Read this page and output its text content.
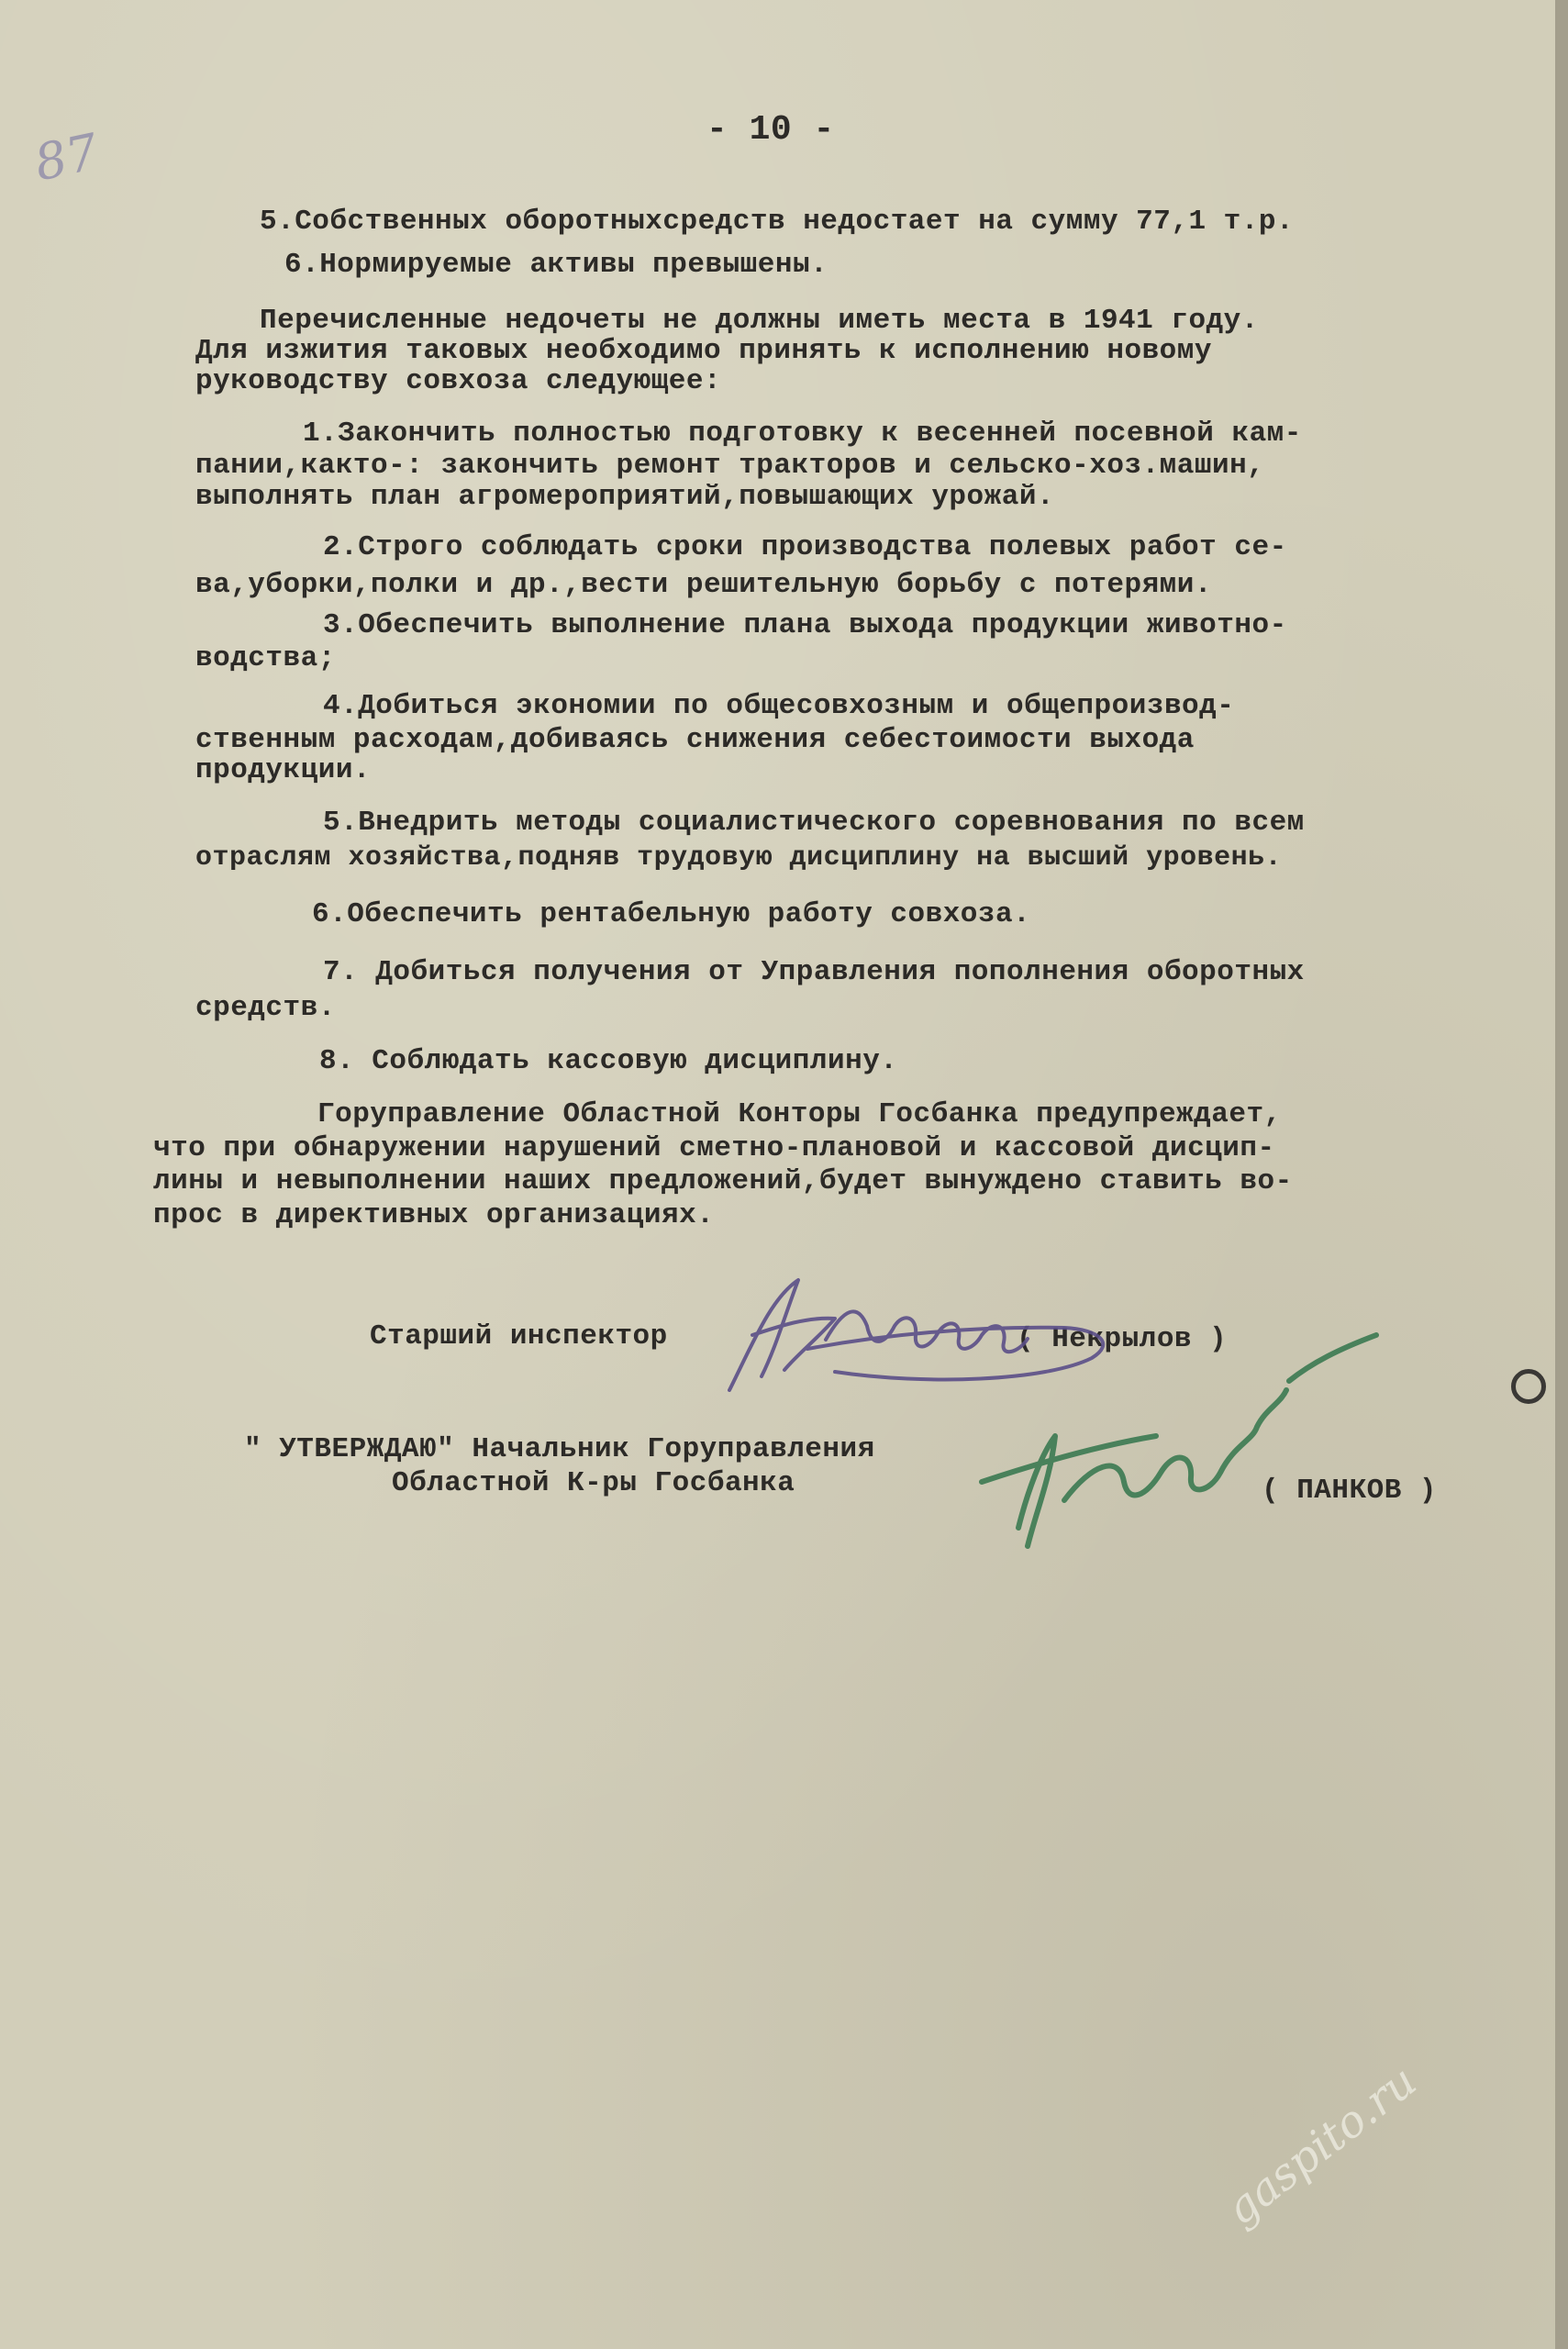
87	- 10 -
5.Собственных оборотныхсредств недостает на сумму 77,1 т.р.
6.Нормируемые активы превышены.
Перечисленные недочеты не должны иметь места в 1941 году.
Для изжития таковых необходимо принять к исполнению новому
руководству совхоза следующее:
1.Закончить полностью подготовку к весенней посевной кам-
пании,както-: закончить ремонт тракторов и сельско-хоз.машин,
выполнять план агромероприятий,повышающих урожай.
2.Строго соблюдать сроки производства полевых работ се-
ва,уборки,полки и др.,вести решительную борьбу с потерями.
3.Обеспечить выполнение плана выхода продукции животно-
водства;
4.Добиться экономии по общесовхозным и общепроизвод-
ственным расходам,добиваясь снижения себестоимости выхода
продукции.
5.Внедрить методы социалистического соревнования по всем
отраслям хозяйства,подняв трудовую дисциплину на высший уровень.
6.Обеспечить рентабельную работу совхоза.
7. Добиться получения от Управления пополнения оборотных
средств.
8. Соблюдать кассовую дисциплину.
Горуправление Областной Конторы Госбанка предупреждает,
что при обнаружении нарушений сметно-плановой и кассовой дисцип-
лины и невыполнении наших предложений,будет вынуждено ставить во-
прос в директивных организациях.
Старший инспектор	( Некрылов )
" УТВЕРЖДАЮ" Начальник Горуправления
Областной К-ры Госбанка	( ПАНКОВ )
gaspito.ru
